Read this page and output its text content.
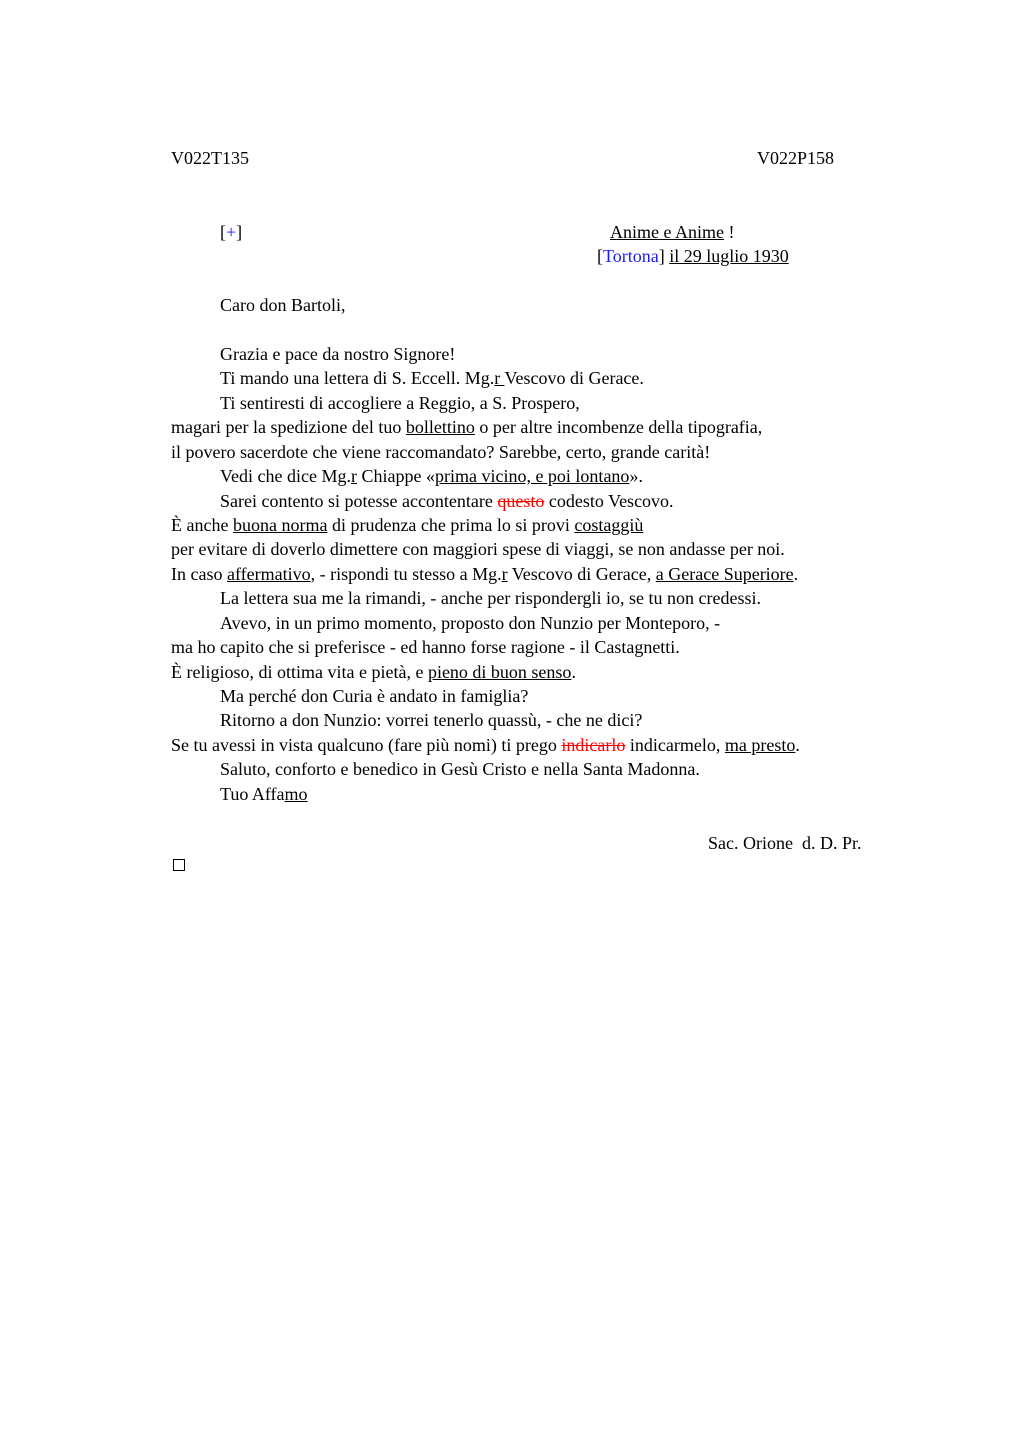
V022T135	V022P158
[+]	Anime e Anime !
[Tortona] il 29 luglio 1930
Caro don Bartoli,
Grazia e pace da nostro Signore!
Ti mando una lettera di S. Eccell. Mg.r Vescovo di Gerace.
Ti sentiresti di accogliere a Reggio, a S. Prospero,
magari per la spedizione del tuo bollettino o per altre incombenze della tipografia,
il povero sacerdote che viene raccomandato? Sarebbe, certo, grande carità!
Vedi che dice Mg.r Chiappe «prima vicino, e poi lontano».
Sarei contento si potesse accontentare questo codesto Vescovo.
È anche buona norma di prudenza che prima lo si provi costaggiù
per evitare di doverlo dimettere con maggiori spese di viaggi, se non andasse per noi.
In caso affermativo, - rispondi tu stesso a Mg.r Vescovo di Gerace, a Gerace Superiore.
La lettera sua me la rimandi, - anche per rispondergli io, se tu non credessi.
Avevo, in un primo momento, proposto don Nunzio per Monteporo, -
ma ho capito che si preferisce - ed hanno forse ragione - il Castagnetti.
È religioso, di ottima vita e pietà, e pieno di buon senso.
Ma perché don Curia è andato in famiglia?
Ritorno a don Nunzio: vorrei tenerlo quassù, - che ne dici?
Se tu avessi in vista qualcuno (fare più nomi) ti prego indicarlo indicarmelo, ma presto.
Saluto, conforto e benedico in Gesù Cristo e nella Santa Madonna.
Tuo Affamo
Sac. Orione  d. D. Pr.
